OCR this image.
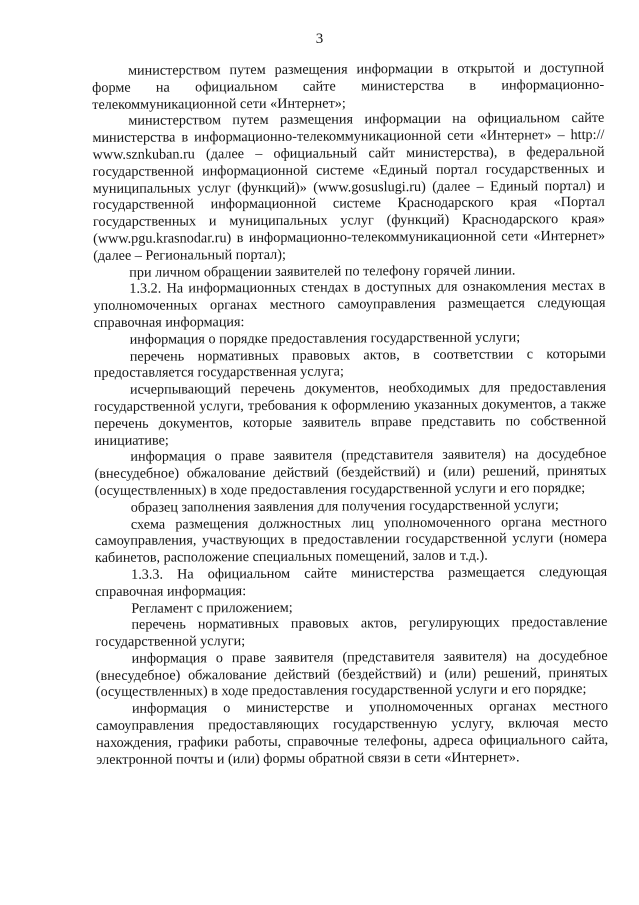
3

министерством путем размещения информации в открытой и доступной форме на официальном сайте министерства в информационно-телекоммуникационной сети «Интернет»;

министерством путем размещения информации на официальном сайте министерства в информационно-телекоммуникационной сети «Интернет» – http:// www.sznkuban.ru (далее – официальный сайт министерства), в федеральной государственной информационной системе «Единый портал государственных и муниципальных услуг (функций)» (www.gosuslugi.ru) (далее – Единый портал) и государственной информационной системе Краснодарского края «Портал государственных и муниципальных услуг (функций) Краснодарского края» (www.pgu.krasnodar.ru) в информационно-телекоммуникационной сети «Интернет» (далее – Региональный портал);

при личном обращении заявителей по телефону горячей линии.

1.3.2. На информационных стендах в доступных для ознакомления местах в уполномоченных органах местного самоуправления размещается следующая справочная информация:

информация о порядке предоставления государственной услуги;

перечень нормативных правовых актов, в соответствии с которыми предоставляется государственная услуга;

исчерпывающий перечень документов, необходимых для предоставления государственной услуги, требования к оформлению указанных документов, а также перечень документов, которые заявитель вправе представить по собственной инициативе;

информация о праве заявителя (представителя заявителя) на досудебное (внесудебное) обжалование действий (бездействий) и (или) решений, принятых (осуществленных) в ходе предоставления государственной услуги и его порядке;

образец заполнения заявления для получения государственной услуги;

схема размещения должностных лиц уполномоченного органа местного самоуправления, участвующих в предоставлении государственной услуги (номера кабинетов, расположение специальных помещений, залов и т.д.).

1.3.3. На официальном сайте министерства размещается следующая справочная информация:

Регламент с приложением;

перечень нормативных правовых актов, регулирующих предоставление государственной услуги;

информация о праве заявителя (представителя заявителя) на досудебное (внесудебное) обжалование действий (бездействий) и (или) решений, принятых (осуществленных) в ходе предоставления государственной услуги и его порядке;

информация о министерстве и уполномоченных органах местного самоуправления предоставляющих государственную услугу, включая место нахождения, графики работы, справочные телефоны, адреса официального сайта, электронной почты и (или) формы обратной связи в сети «Интернет».
